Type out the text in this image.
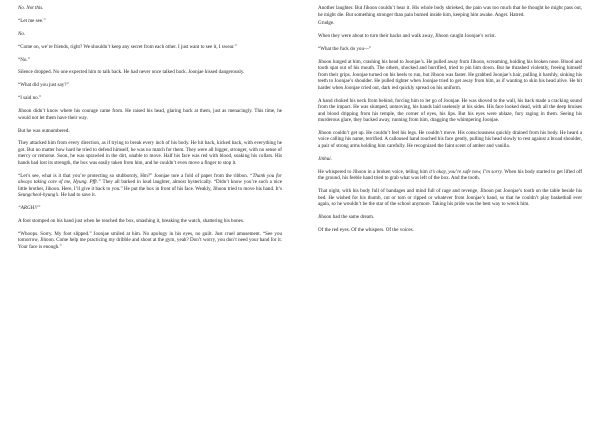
No. Not this.

“Let me see.”

No.

“Come on, we’re friends, right? We shouldn’t keep any secret from each other. I just want to see it, I swear.”

“No.”

Silence dropped. No one expected him to talk back. He had never once talked back. Joonjae hissed dangerously.

“What did you just say?”

“I said no.”

Jihoon didn’t know where his courage came from. He raised his head, glaring back at them, just as menacingly. This time, he would not let them have their way.

But he was outnumbered.

They attacked him from every direction, as if trying to break every inch of his body. He hit back, kicked back, with everything he got. But no matter how hard he tried to defend himself, he was no match for them. They were all bigger, stronger, with no sense of mercy or remorse. Soon, he was sprawled in the dirt, unable to move. Half his face was red with blood, soaking his collars. His hands had lost its strength, the box was easily taken from him, and he couldn’t even move a finger to stop it.

“Let’s see, what is it that you’re protecting so stubbornly, Hm?” Joonjae tore a fold of paper from the ribbon. “Thank you for always taking care of me, Hyung. Pfft.” They all barked in loud laughter, almost hysterically. “Didn’t know you’re such a nice little brother, Jihoon. Here, I’ll give it back to you.” He put the box in front of his face. Weakly, Jihoon tried to move his hand. It’s Seungcheol-hyung’s. He had to save it.

“ARGH!!”

A foot stomped on his hand just when he reached the box, smashing it, breaking the watch, shattering his bones.

“Whoops. Sorry. My foot slipped.” Joonjae smiled at him. No apology in his eyes, no guilt. Just cruel amusement. “See you tomorrow, Jihoon. Come help me practicing my dribble and shoot at the gym, yeah? Don’t worry, you don’t need your hand for it. Your face is enough.”

Another laughter. But Jihoon couldn’t hear it. His whole body shrieked, the pain was too much that he thought he might pass out, he might die. But something stronger than pain burned inside him, keeping him awake. Anger. Hatred.

Grudge.

When they were about to turn their backs and walk away, Jihoon caught Joonjae’s wrist.

“What the fuck do you—”

Jihoon lunged at him, crashing his head to Joonjae’s. He pulled away from Jihoon, screaming, holding his broken nose. Blood and tooth spat out of his mouth. The others, shocked and horrified, tried to pin him down. But he thrashed violently, freeing himself from their grips. Joonjae turned on his heels to run, but Jihoon was faster. He grabbed Joonjae’s hair, pulling it harshly, sinking his teeth to Joonjae’s shoulder. He pulled tighter when Joonjae tried to get away from him, as if wanting to skin his head alive. He bit harder when Joonjae cried out, dark red quickly spread on his uniform.

A hand choked his neck from behind, forcing him to let go of Joonjae. He was shoved to the wall, his back made a cracking sound from the impact. He was slumped, unmoving, his hands laid uselessly at his sides. His face looked dead, with all the deep bruises and blood dripping from his temple, the corner of eyes, his lips. But his eyes were ablaze, fury raging in them. Seeing his murderous glare, they backed away, running from him, dragging the whimpering Joonjae.

Jihoon couldn’t get up. He couldn’t feel his legs. He couldn’t move. His consciousness quickly drained from his body. He heard a voice calling his name, terrified. A calloused hand touched his face gently, pulling his head slowly to rest against a broad shoulder, a pair of strong arms holding him carefully. He recognized the faint scent of amber and vanilla.

Jinhui.

He whispered to Jihoon in a broken voice, telling him it’s okay, you’re safe now, I’m sorry. When his body started to get lifted off the ground, his feeble hand tried to grab what was left of the box. And the tooth.

That night, with his body full of bandages and mind full of rage and revenge, Jihoon put Joonjae’s tooth on the table beside his bed. He wished for his thumb, cut or torn or ripped or whatever from Joonjae’s hand, so that he couldn’t play basketball ever again, so he wouldn’t be the star of the school anymore. Taking his pride was the best way to wreck him.

Jihoon had the same dream.

Of the red eyes. Of the whispers. Of the voices.
